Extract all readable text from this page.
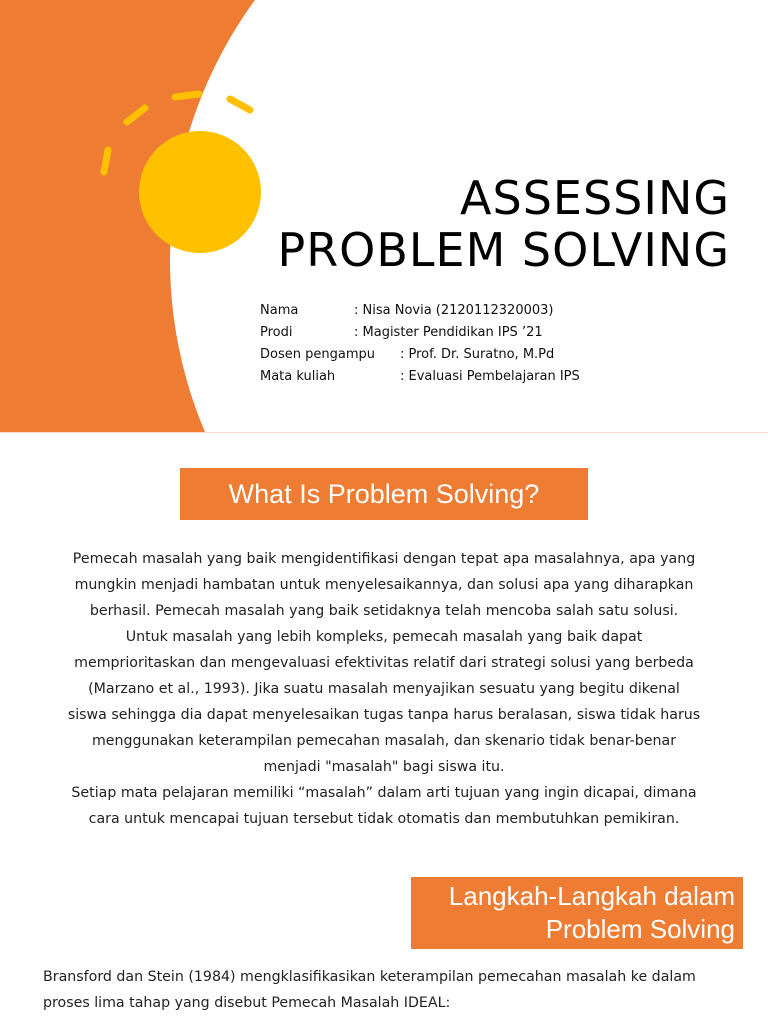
ASSESSING
PROBLEM SOLVING
Nama	: Nisa Novia (2120112320003)
Prodi	: Magister Pendidikan IPS ’21
Dosen pengampu : Prof. Dr. Suratno, M.Pd
Mata kuliah	: Evaluasi Pembelajaran IPS
What Is Problem Solving?
Pemecah masalah yang baik mengidentifikasi dengan tepat apa masalahnya, apa yang
mungkin menjadi hambatan untuk menyelesaikannya, dan solusi apa yang diharapkan
berhasil. Pemecah masalah yang baik setidaknya telah mencoba salah satu solusi.
Untuk masalah yang lebih kompleks, pemecah masalah yang baik dapat
memprioritaskan dan mengevaluasi efektivitas relatif dari strategi solusi yang berbeda
(Marzano et al., 1993). Jika suatu masalah menyajikan sesuatu yang begitu dikenal
siswa sehingga dia dapat menyelesaikan tugas tanpa harus beralasan, siswa tidak harus
menggunakan keterampilan pemecahan masalah, dan skenario tidak benar-benar
menjadi "masalah" bagi siswa itu.
Setiap mata pelajaran memiliki “masalah” dalam arti tujuan yang ingin dicapai, dimana
cara untuk mencapai tujuan tersebut tidak otomatis dan membutuhkan pemikiran.
Langkah-Langkah dalam
Problem Solving
Bransford dan Stein (1984) mengklasifikasikan keterampilan pemecahan masalah ke dalam
proses lima tahap yang disebut Pemecah Masalah IDEAL:
